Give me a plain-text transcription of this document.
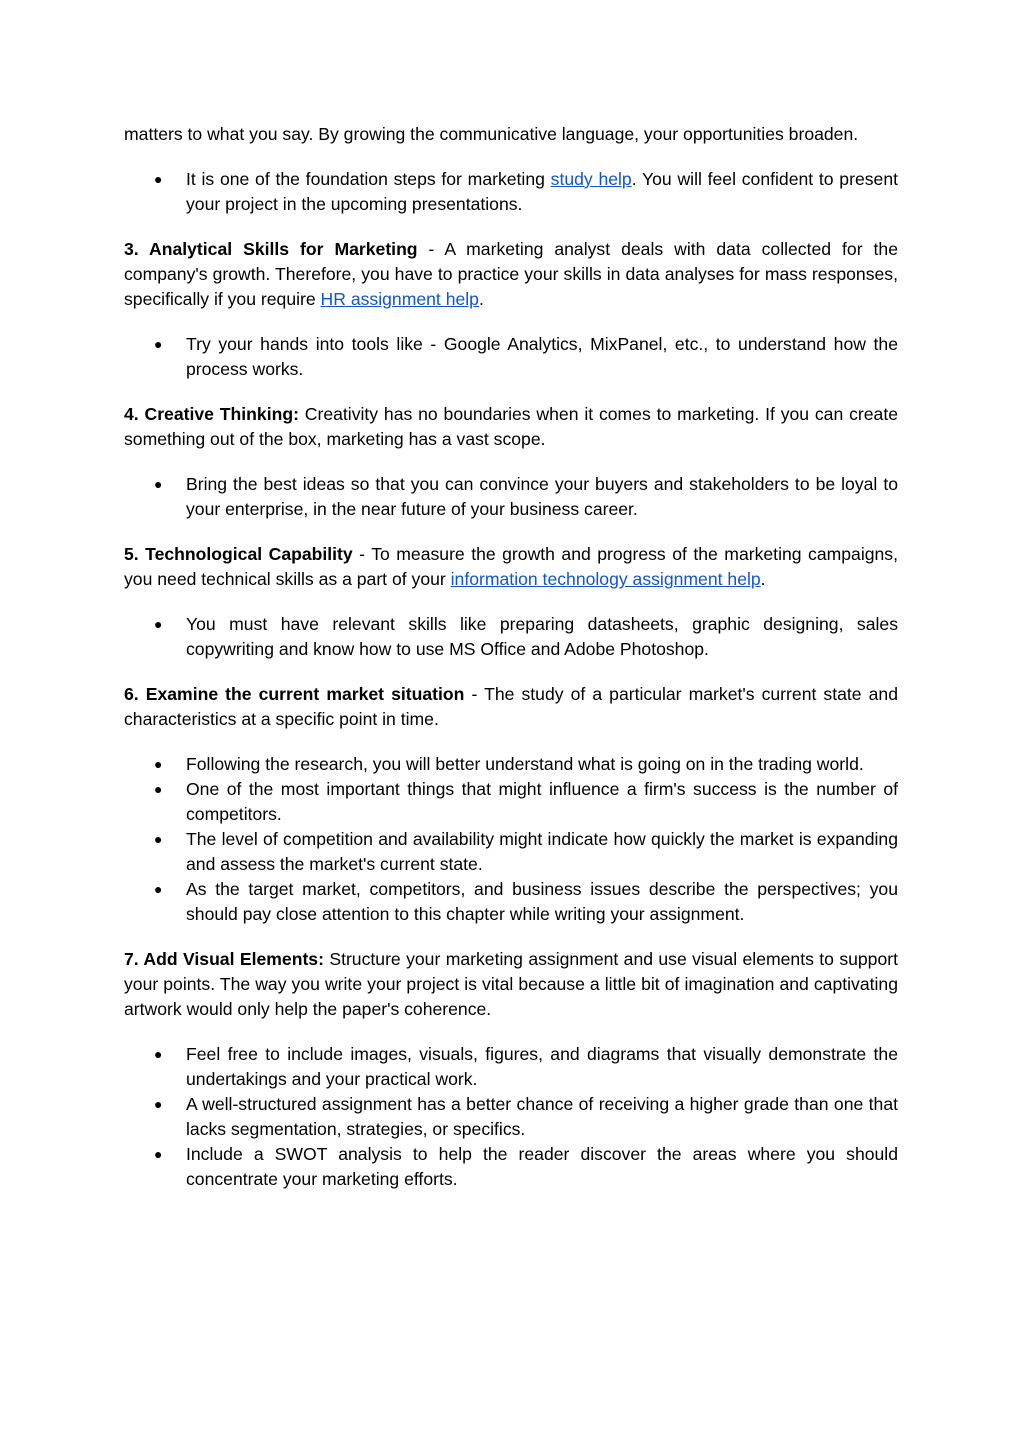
matters to what you say. By growing the communicative language, your opportunities broaden.

● It is one of the foundation steps for marketing study help. You will feel confident to present your project in the upcoming presentations.

3. Analytical Skills for Marketing - A marketing analyst deals with data collected for the company's growth. Therefore, you have to practice your skills in data analyses for mass responses, specifically if you require HR assignment help.

● Try your hands into tools like - Google Analytics, MixPanel, etc., to understand how the process works.

4. Creative Thinking: Creativity has no boundaries when it comes to marketing. If you can create something out of the box, marketing has a vast scope.

● Bring the best ideas so that you can convince your buyers and stakeholders to be loyal to your enterprise, in the near future of your business career.

5. Technological Capability - To measure the growth and progress of the marketing campaigns, you need technical skills as a part of your information technology assignment help.

● You must have relevant skills like preparing datasheets, graphic designing, sales copywriting and know how to use MS Office and Adobe Photoshop.

6. Examine the current market situation - The study of a particular market's current state and characteristics at a specific point in time.

● Following the research, you will better understand what is going on in the trading world.
● One of the most important things that might influence a firm's success is the number of competitors.
● The level of competition and availability might indicate how quickly the market is expanding and assess the market's current state.
● As the target market, competitors, and business issues describe the perspectives; you should pay close attention to this chapter while writing your assignment.

7. Add Visual Elements: Structure your marketing assignment and use visual elements to support your points. The way you write your project is vital because a little bit of imagination and captivating artwork would only help the paper's coherence.

● Feel free to include images, visuals, figures, and diagrams that visually demonstrate the undertakings and your practical work.
● A well-structured assignment has a better chance of receiving a higher grade than one that lacks segmentation, strategies, or specifics.
● Include a SWOT analysis to help the reader discover the areas where you should concentrate your marketing efforts.
